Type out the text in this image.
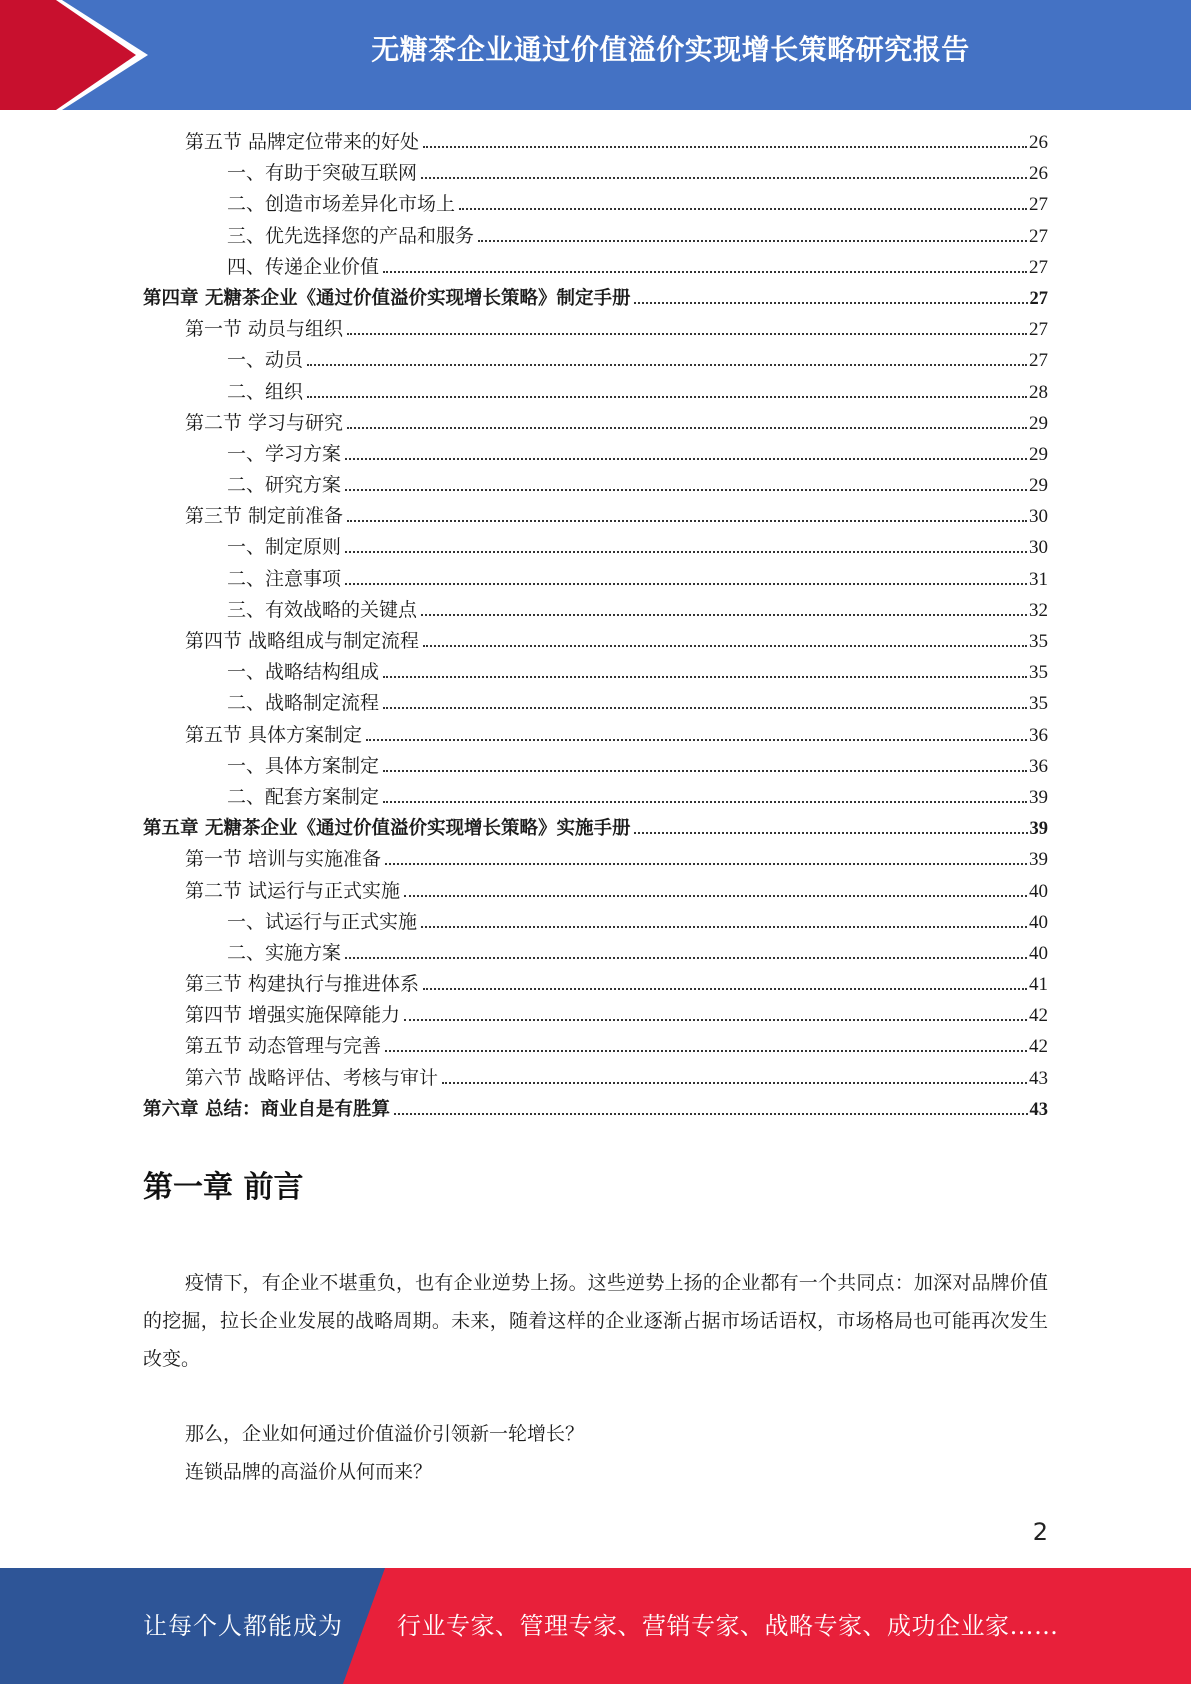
无糖茶企业通过价值溢价实现增长策略研究报告
第五节 品牌定位带来的好处	26
一、有助于突破互联网	26
二、创造市场差异化市场上	27
三、优先选择您的产品和服务	27
四、传递企业价值	27
第四章 无糖茶企业《通过价值溢价实现增长策略》制定手册	27
第一节 动员与组织	27
一、动员	27
二、组织	28
第二节 学习与研究	29
一、学习方案	29
二、研究方案	29
第三节 制定前准备	30
一、制定原则	30
二、注意事项	31
三、有效战略的关键点	32
第四节 战略组成与制定流程	35
一、战略结构组成	35
二、战略制定流程	35
第五节 具体方案制定	36
一、具体方案制定	36
二、配套方案制定	39
第五章 无糖茶企业《通过价值溢价实现增长策略》实施手册	39
第一节 培训与实施准备	39
第二节 试运行与正式实施	40
一、试运行与正式实施	40
二、实施方案	40
第三节 构建执行与推进体系	41
第四节 增强实施保障能力	42
第五节 动态管理与完善	42
第六节 战略评估、考核与审计	43
第六章 总结：商业自是有胜算	43
第一章 前言

疫情下，有企业不堪重负，也有企业逆势上扬。这些逆势上扬的企业都有一个共同点：加深对品牌价值的挖掘，拉长企业发展的战略周期。未来，随着这样的企业逐渐占据市场话语权，市场格局也可能再次发生改变。

那么，企业如何通过价值溢价引领新一轮增长？

连锁品牌的高溢价从何而来？

2
让每个人都能成为 行业专家、管理专家、营销专家、战略专家、成功企业家……
